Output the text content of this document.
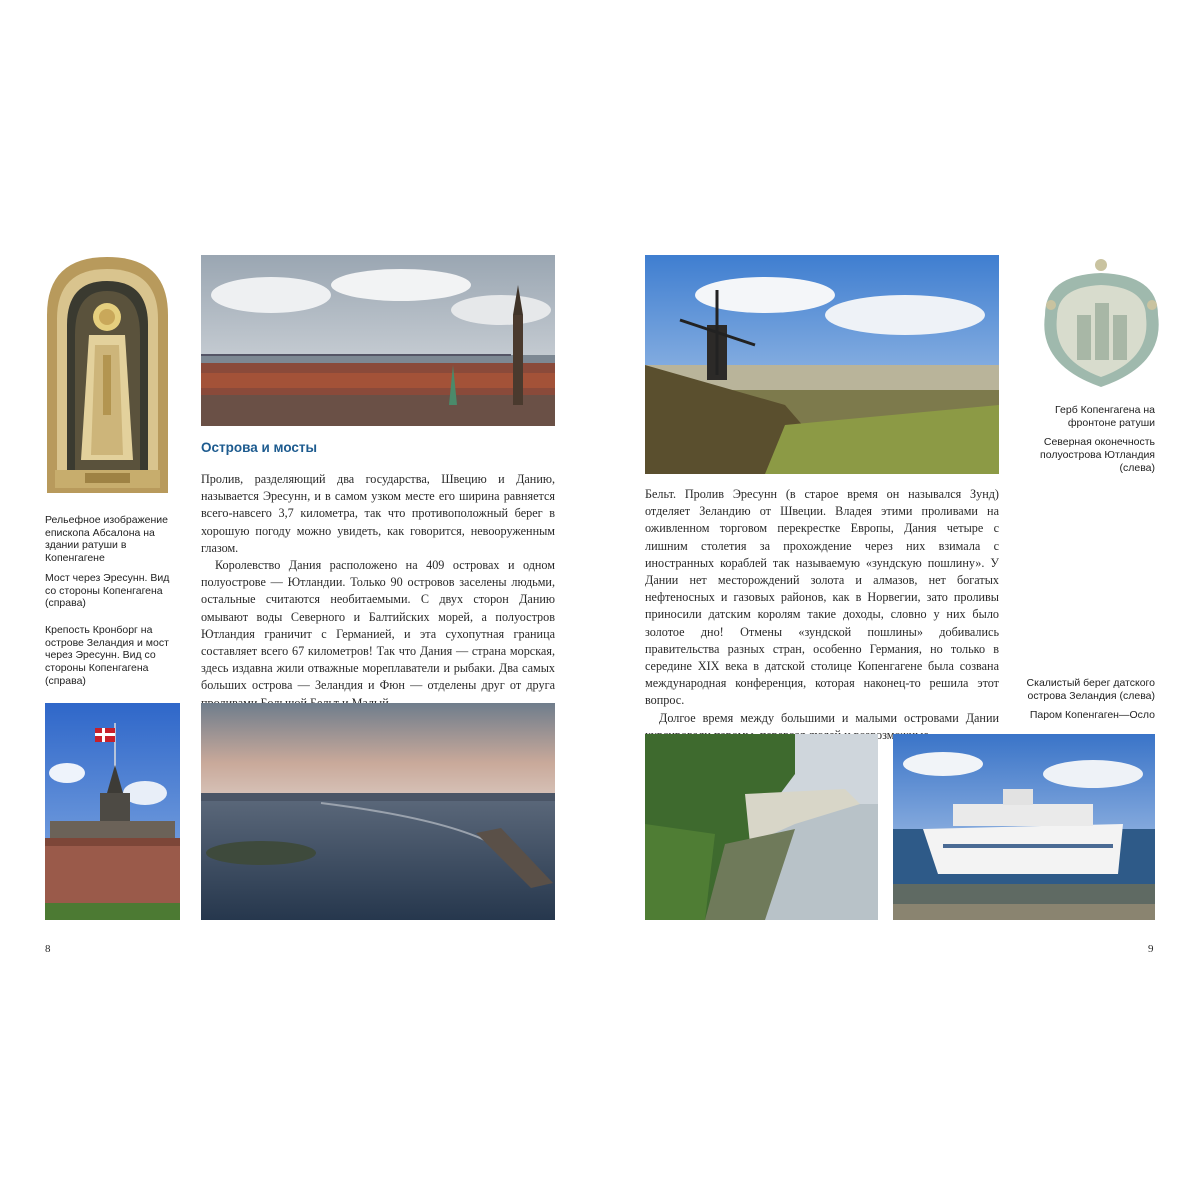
Рельефное изображение епископа Абсалона на здании ратуши в Копенгагене
Мост через Эресунн. Вид со стороны Копенгагена (справа)
Крепость Кронборг на острове Зеландия и мост через Эресунн. Вид со стороны Копенгагена (справа)
Острова и мосты

Пролив, разделяющий два государства, Швецию и Данию, называется Эресунн, и в самом узком месте его ширина равняется всего-навсего 3,7 километра, так что противоположный берег в хорошую погоду можно увидеть, как говорится, невооруженным глазом.

Королевство Дания расположено на 409 островах и одном полуострове — Ютландии. Только 90 островов заселены людьми, остальные считаются необитаемыми. С двух сторон Данию омывают воды Северного и Балтийских морей, а полуостров Ютландия граничит с Германией, и эта сухопутная граница составляет всего 67 километров! Так что Дания — страна морская, здесь издавна жили отважные мореплаватели и рыбаки. Два самых больших острова — Зеландия и Фюн — отделены друг от друга

8

Бельт. Пролив Эресунн (в старое время он назывался Зунд) отделяет Зеландию от Швеции. Владея этими проливами на оживленном торговом перекрестке Европы, Дания четыре с лишним столетия за прохождение через них взимала с иностранных кораблей так называемую «зундскую пошлину». У Дании нет месторождений золота и алмазов, нет богатых нефтеносных и газовых районов, как в Норвегии, зато проливы приносили датским королям такие доходы, словно у них было золотое дно! Отмены «зундской пошлины» добивались правительства разных стран, особенно Германия, но только в середине XIX века в датской столице Копенгагене была созвана международная конференция, которая наконец-то решила этот вопрос.

Долгое время между большими и малыми островами Дании всевозможные

Герб Копенгагена на фронтоне ратуши
Северная оконечность полуострова Ютландия (слева)
Скалистый берег датского острова Зеландия (слева)
Паром Копенгаген—Осло
9
